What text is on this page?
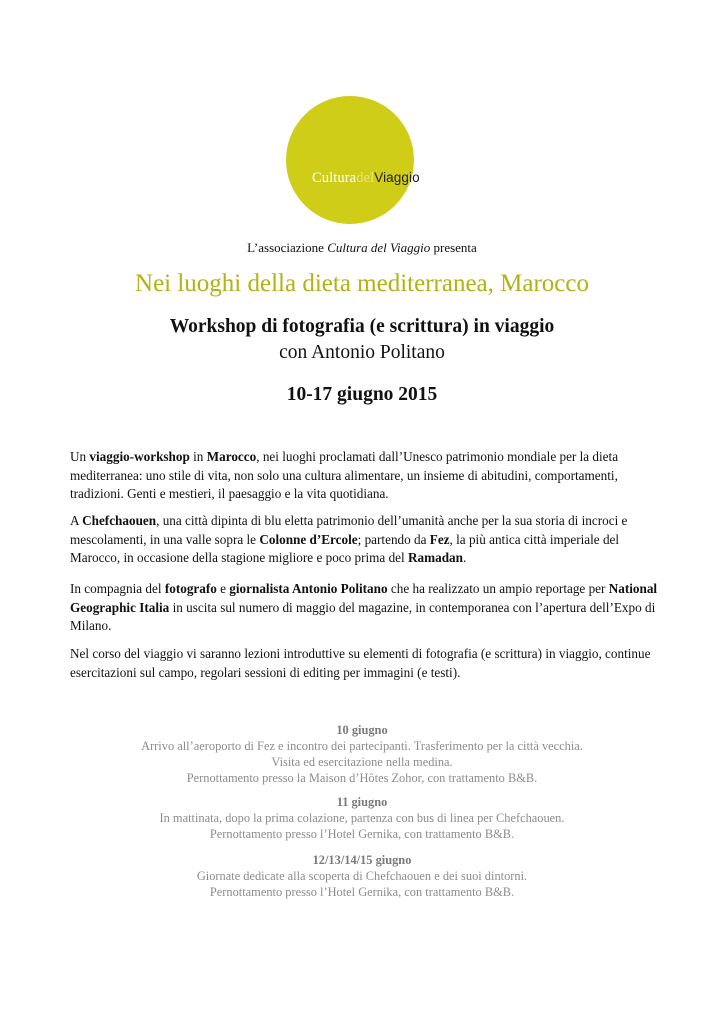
CulturadelViaggio
L’associazione Cultura del Viaggio presenta
Nei luoghi della dieta mediterranea, Marocco
Workshop di fotografia (e scrittura) in viaggio
con Antonio Politano
10-17 giugno 2015
Un viaggio-workshop in Marocco, nei luoghi proclamati dall’Unesco patrimonio mondiale per la dieta mediterranea: uno stile di vita, non solo una cultura alimentare, un insieme di abitudini, comportamenti, tradizioni. Genti e mestieri, il paesaggio e la vita quotidiana.
A Chefchaouen, una città dipinta di blu eletta patrimonio dell’umanità anche per la sua storia di incroci e mescolamenti, in una valle sopra le Colonne d’Ercole; partendo da Fez, la più antica città imperiale del Marocco, in occasione della stagione migliore e poco prima del Ramadan.
In compagnia del fotografo e giornalista Antonio Politano che ha realizzato un ampio reportage per National Geographic Italia in uscita sul numero di maggio del magazine, in contemporanea con l’apertura dell’Expo di Milano.
Nel corso del viaggio vi saranno lezioni introduttive su elementi di fotografia (e scrittura) in viaggio, continue esercitazioni sul campo, regolari sessioni di editing per immagini (e testi).
10 giugno
Arrivo all’aeroporto di Fez e incontro dei partecipanti. Trasferimento per la città vecchia.
Visita ed esercitazione nella medina.
Pernottamento presso la Maison d’Hôtes Zohor, con trattamento B&B.
11 giugno
In mattinata, dopo la prima colazione, partenza con bus di linea per Chefchaouen.
Pernottamento presso l’Hotel Gernika, con trattamento B&B.
12/13/14/15 giugno
Giornate dedicate alla scoperta di Chefchaouen e dei suoi dintorni.
Pernottamento presso l’Hotel Gernika, con trattamento B&B.
